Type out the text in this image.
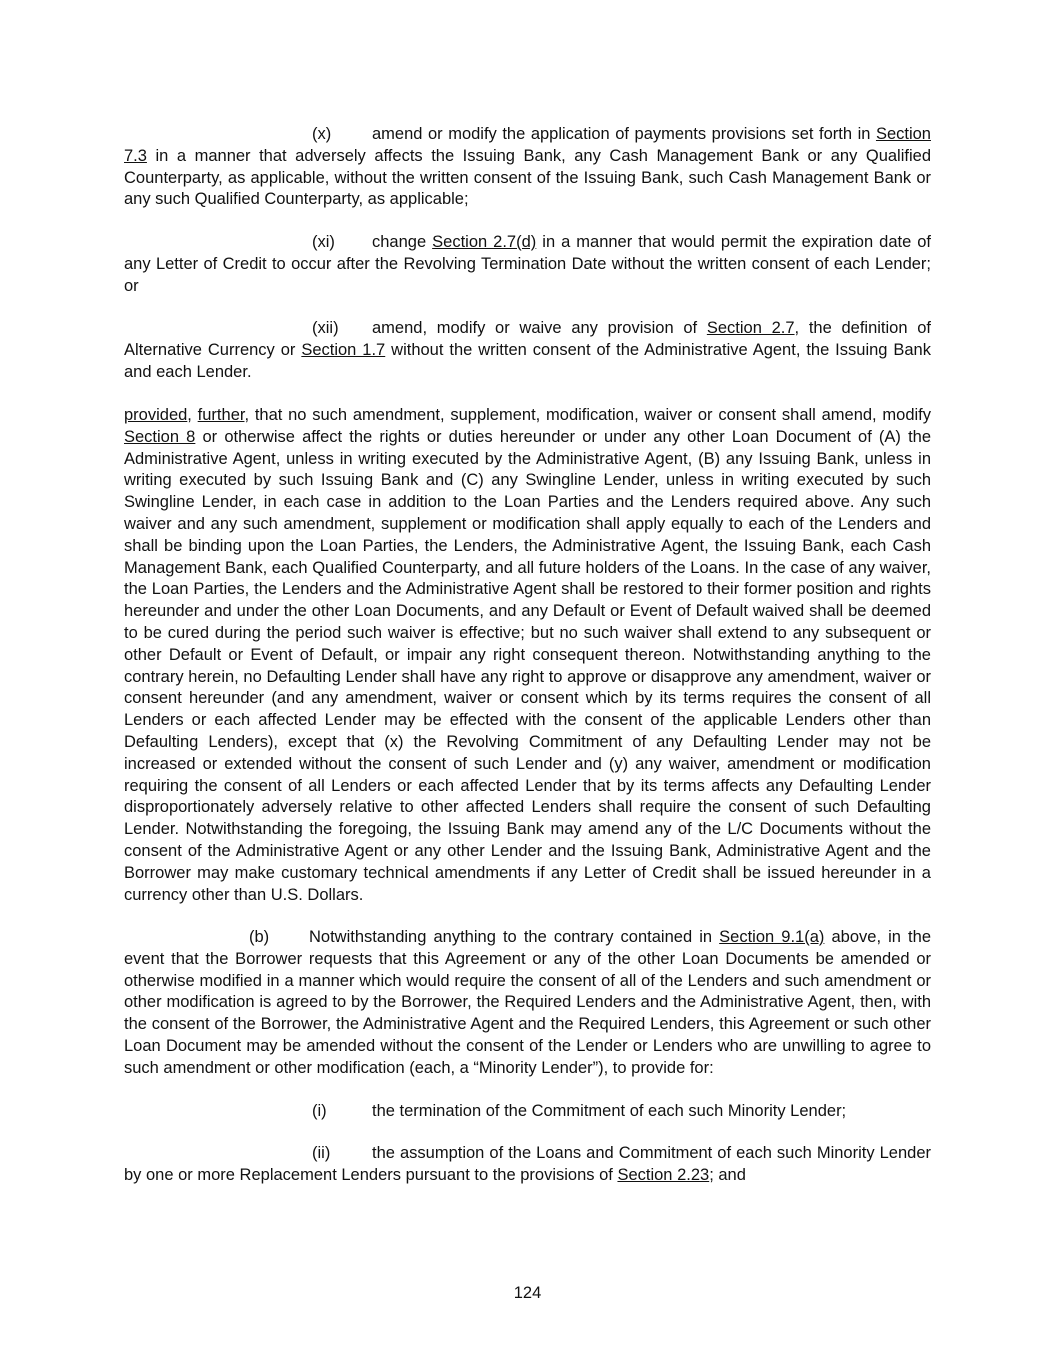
(x) amend or modify the application of payments provisions set forth in Section 7.3 in a manner that adversely affects the Issuing Bank, any Cash Management Bank or any Qualified Counterparty, as applicable, without the written consent of the Issuing Bank, such Cash Management Bank or any such Qualified Counterparty, as applicable;

(xi) change Section 2.7(d) in a manner that would permit the expiration date of any Letter of Credit to occur after the Revolving Termination Date without the written consent of each Lender; or

(xii) amend, modify or waive any provision of Section 2.7, the definition of Alternative Currency or Section 1.7 without the written consent of the Administrative Agent, the Issuing Bank and each Lender.

provided, further, that no such amendment, supplement, modification, waiver or consent shall amend, modify Section 8 or otherwise affect the rights or duties hereunder or under any other Loan Document of (A) the Administrative Agent, unless in writing executed by the Administrative Agent, (B) any Issuing Bank, unless in writing executed by such Issuing Bank and (C) any Swingline Lender, unless in writing executed by such Swingline Lender, in each case in addition to the Loan Parties and the Lenders required above. Any such waiver and any such amendment, supplement or modification shall apply equally to each of the Lenders and shall be binding upon the Loan Parties, the Lenders, the Administrative Agent, the Issuing Bank, each Cash Management Bank, each Qualified Counterparty, and all future holders of the Loans. In the case of any waiver, the Loan Parties, the Lenders and the Administrative Agent shall be restored to their former position and rights hereunder and under the other Loan Documents, and any Default or Event of Default waived shall be deemed to be cured during the period such waiver is effective; but no such waiver shall extend to any subsequent or other Default or Event of Default, or impair any right consequent thereon. Notwithstanding anything to the contrary herein, no Defaulting Lender shall have any right to approve or disapprove any amendment, waiver or consent hereunder (and any amendment, waiver or consent which by its terms requires the consent of all Lenders or each affected Lender may be effected with the consent of the applicable Lenders other than Defaulting Lenders), except that (x) the Revolving Commitment of any Defaulting Lender may not be increased or extended without the consent of such Lender and (y) any waiver, amendment or modification requiring the consent of all Lenders or each affected Lender that by its terms affects any Defaulting Lender disproportionately adversely relative to other affected Lenders shall require the consent of such Defaulting Lender. Notwithstanding the foregoing, the Issuing Bank may amend any of the L/C Documents without the consent of the Administrative Agent or any other Lender and the Issuing Bank, Administrative Agent and the Borrower may make customary technical amendments if any Letter of Credit shall be issued hereunder in a currency other than U.S. Dollars.

(b) Notwithstanding anything to the contrary contained in Section 9.1(a) above, in the event that the Borrower requests that this Agreement or any of the other Loan Documents be amended or otherwise modified in a manner which would require the consent of all of the Lenders and such amendment or other modification is agreed to by the Borrower, the Required Lenders and the Administrative Agent, then, with the consent of the Borrower, the Administrative Agent and the Required Lenders, this Agreement or such other Loan Document may be amended without the consent of the Lender or Lenders who are unwilling to agree to such amendment or other modification (each, a “Minority Lender”), to provide for:

(i)	the termination of the Commitment of each such Minority Lender;

(ii)	the assumption of the Loans and Commitment of each such Minority Lender by one or more Replacement Lenders pursuant to the provisions of Section 2.23; and

124
